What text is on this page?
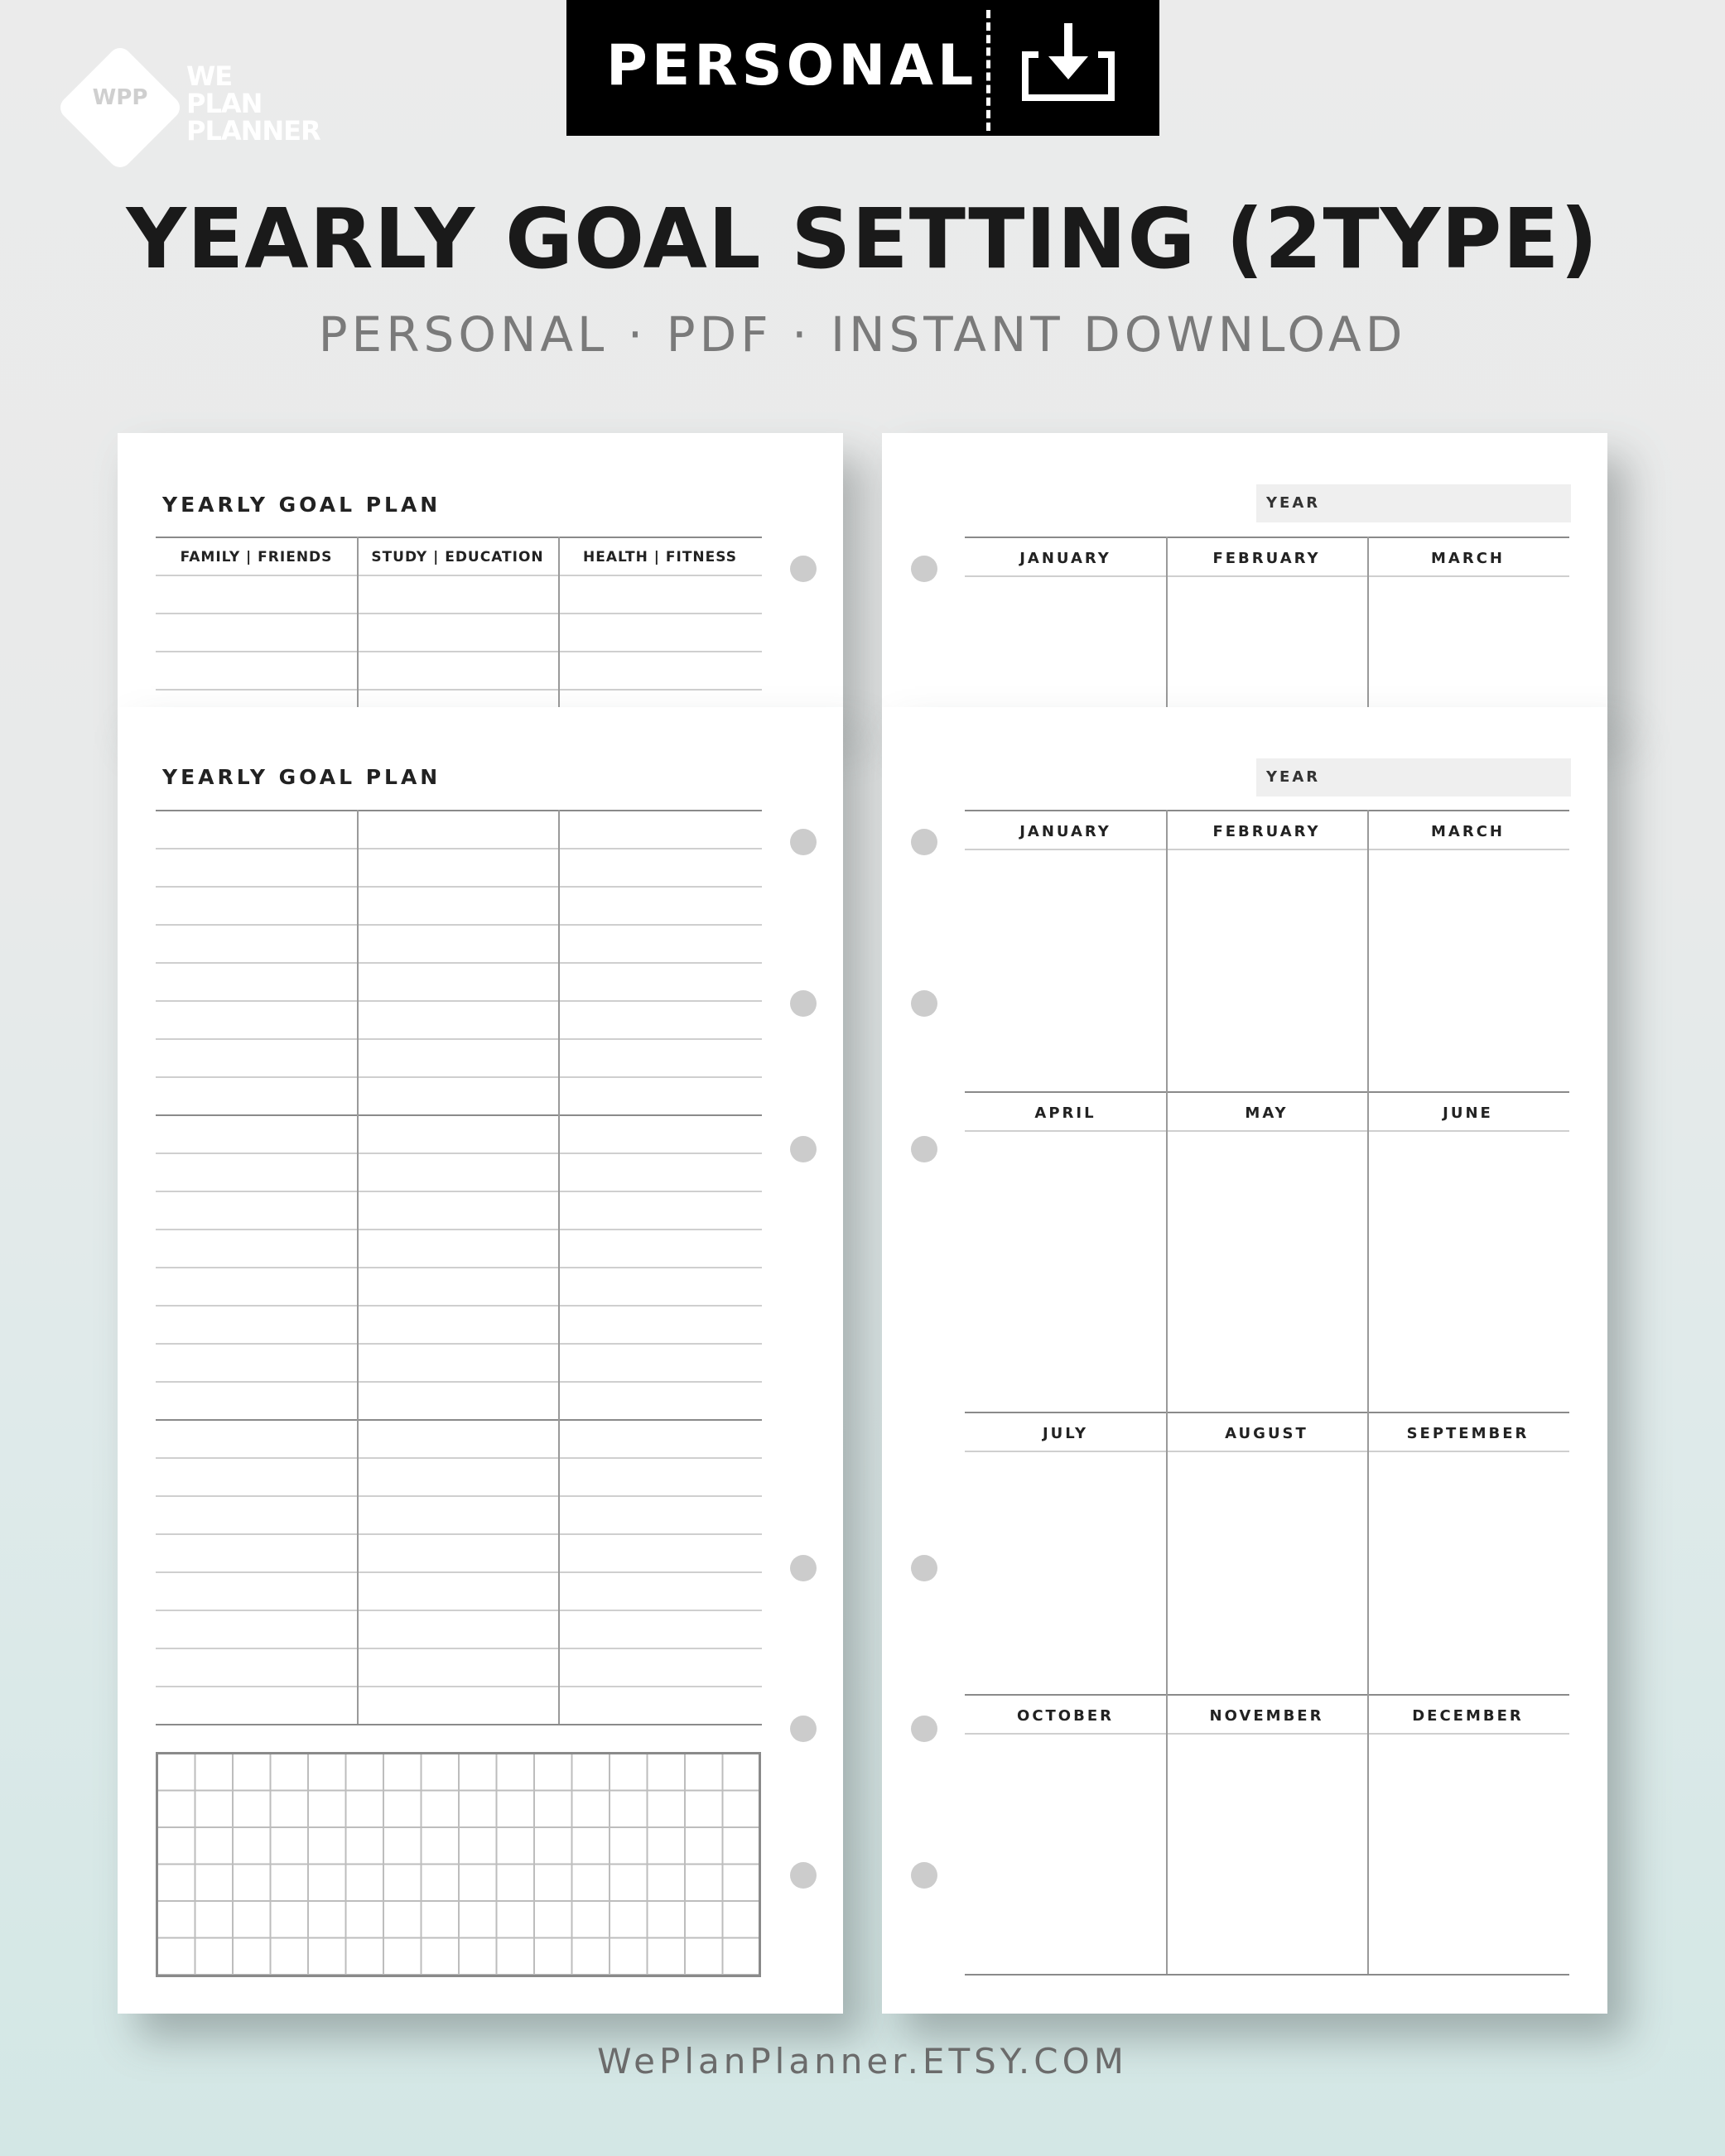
WPP
WE
PLAN
PLANNER
PERSONAL
YEARLY GOAL SETTING (2TYPE)
PERSONAL · PDF · INSTANT DOWNLOAD
YEARLY GOAL PLAN
FAMILY | FRIENDS	STUDY | EDUCATION	HEALTH | FITNESS
YEAR
JANUARY	FEBRUARY	MARCH
YEARLY GOAL PLAN	YEAR
JANUARY	FEBRUARY	MARCH
APRIL	MAY	JUNE
JULY	AUGUST	SEPTEMBER
OCTOBER	NOVEMBER	DECEMBER
WePlanPlanner.ETSY.COM
